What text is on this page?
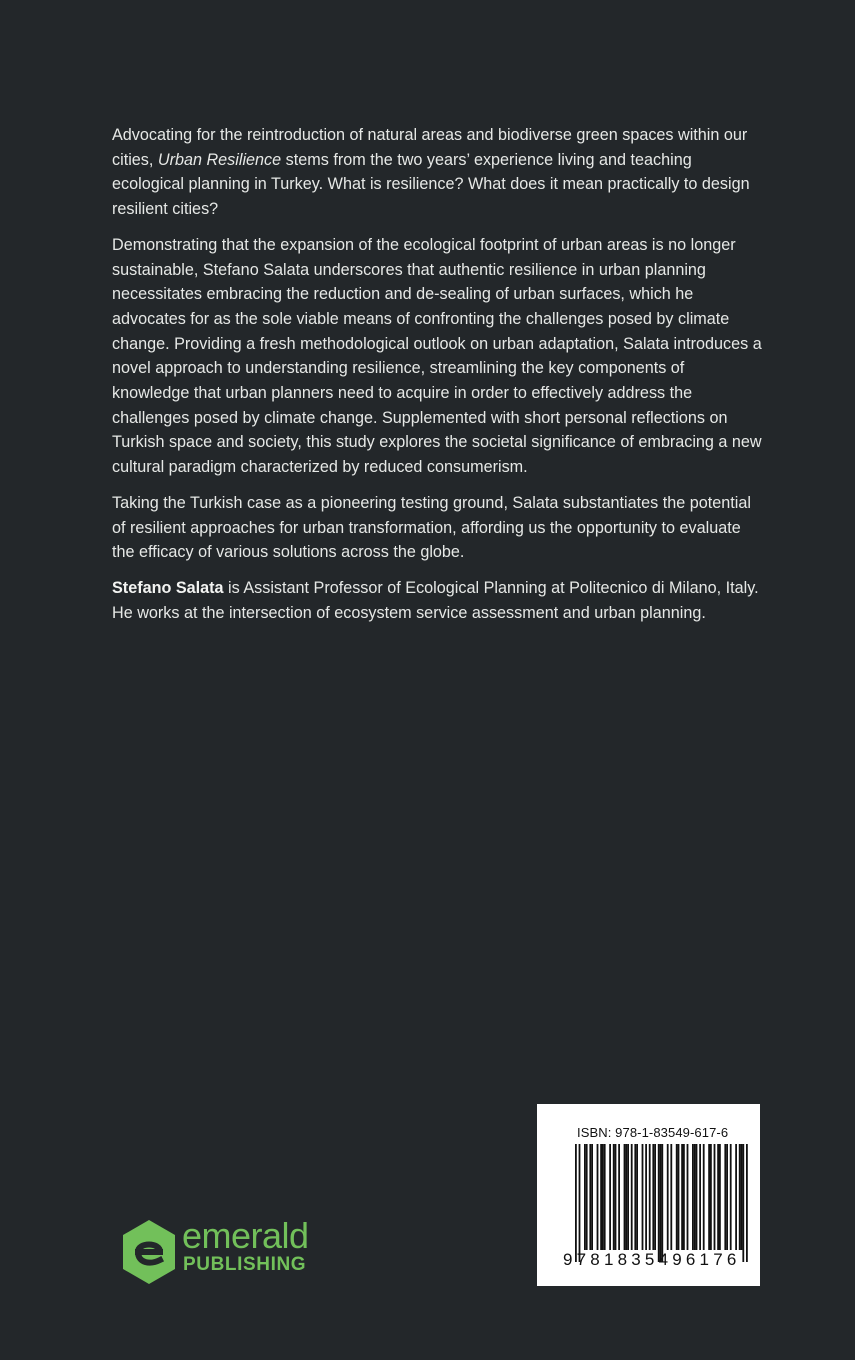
Advocating for the reintroduction of natural areas and biodiverse green spaces within our cities, Urban Resilience stems from the two years’ experience living and teaching ecological planning in Turkey. What is resilience? What does it mean practically to design resilient cities?

Demonstrating that the expansion of the ecological footprint of urban areas is no longer sustainable, Stefano Salata underscores that authentic resilience in urban planning necessitates embracing the reduction and de-sealing of urban surfaces, which he advocates for as the sole viable means of confronting the challenges posed by climate change. Providing a fresh methodological outlook on urban adaptation, Salata introduces a novel approach to understanding resilience, streamlining the key components of knowledge that urban planners need to acquire in order to effectively address the challenges posed by climate change. Supplemented with short personal reflections on Turkish space and society, this study explores the societal significance of embracing a new cultural paradigm characterized by reduced consumerism.

Taking the Turkish case as a pioneering testing ground, Salata substantiates the potential of resilient approaches for urban transformation, affording us the opportunity to evaluate the efficacy of various solutions across the globe.

Stefano Salata is Assistant Professor of Ecological Planning at Politecnico di Milano, Italy. He works at the intersection of ecosystem service assessment and urban planning.

ISBN: 978-1-83549-617-6
9781835496176
emerald
PUBLISHING
